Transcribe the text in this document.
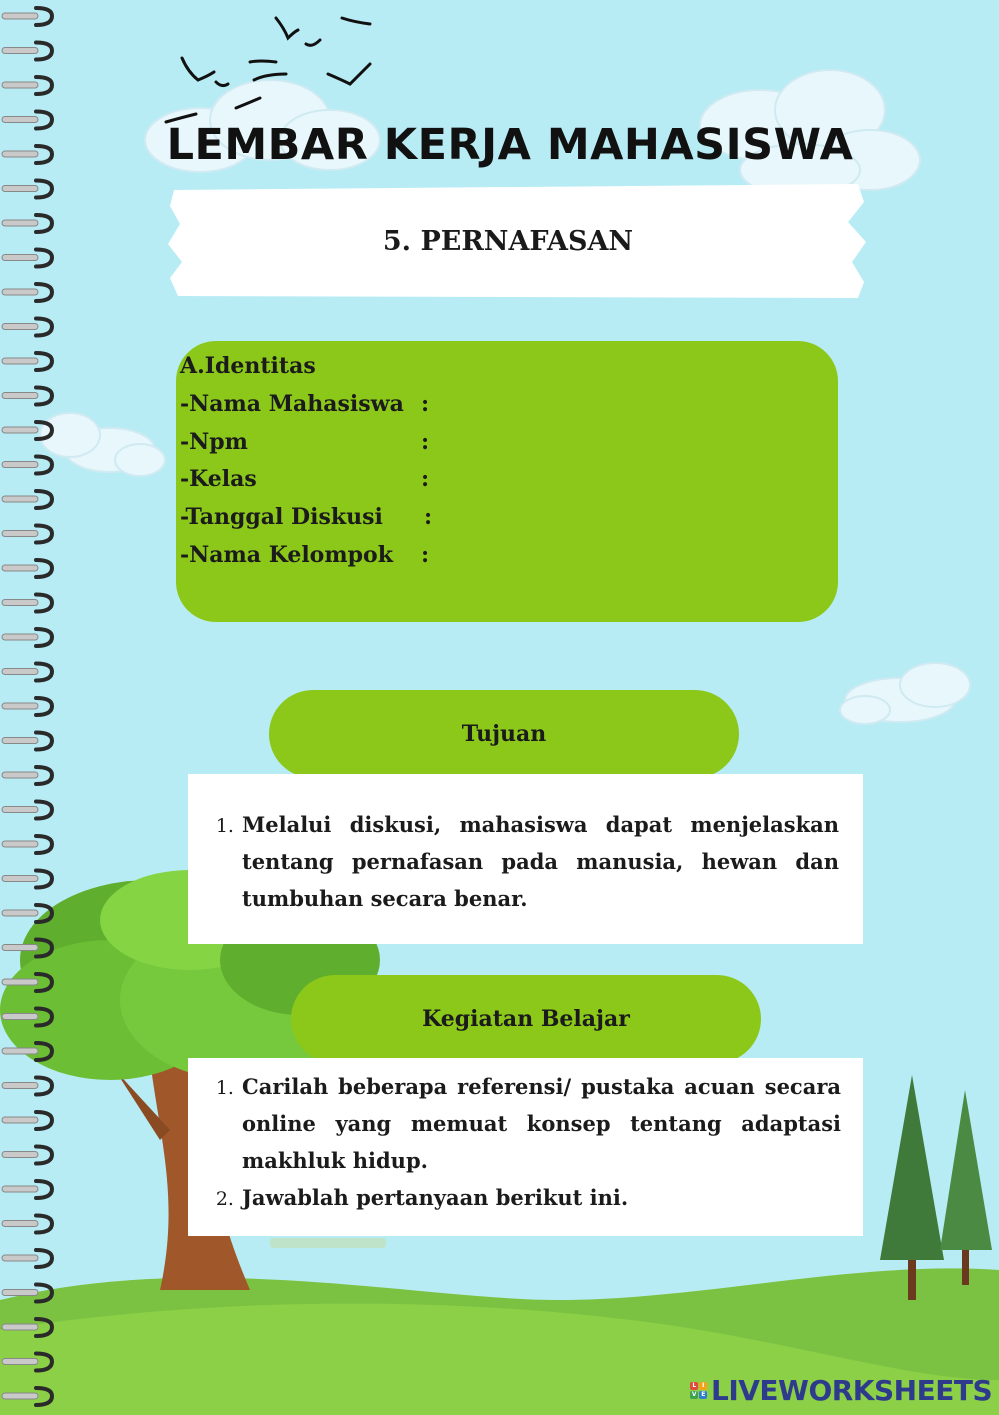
LEMBAR KERJA MAHASISWA
5. PERNAFASAN
A.Identitas
-Nama Mahasiswa :
-Npm	:
-Kelas	:
-Tanggal Diskusi :
-Nama Kelompok :
Tujuan
1. Melalui diskusi, mahasiswa dapat menjelaskan tentang pernafasan pada manusia, hewan dan tumbuhan secara benar.
Kegiatan Belajar
1. Carilah beberapa referensi/ pustaka acuan secara online yang memuat konsep tentang adaptasi makhluk hidup.
2. Jawablah pertanyaan berikut ini.
L	I
V E LIVEWORKSHEETS
